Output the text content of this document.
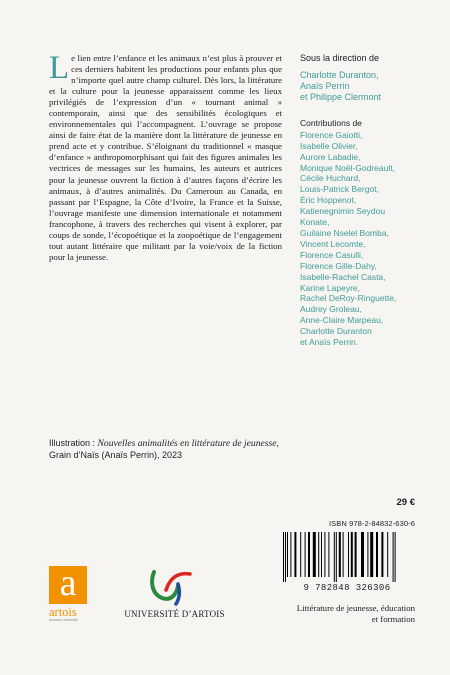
Le lien entre l’enfance et les animaux n’est plus à prouver et ces derniers habitent les productions pour enfants plus que n’importe quel autre champ culturel. Dès lors, la littérature et la culture pour la jeunesse apparaissent comme les lieux privilégiés de l’expression d’un « tournant animal » contemporain, ainsi que des sensibilités écologiques et environnementales qui l’accompagnent. L’ouvrage se propose ainsi de faire état de la manière dont la littérature de jeunesse en prend acte et y contribue. S’éloignant du traditionnel « masque d’enfance » anthropomorphisant qui fait des figures animales les vectrices de messages sur les humains, les auteurs et autrices pour la jeunesse ouvrent la fiction à d’autres façons d’écrire les animaux, à d’autres animalités. Du Cameroun au Canada, en passant par l’Espagne, la Côte d’Ivoire, la France et la Suisse, l’ouvrage manifeste une dimension internationale et notamment francophone, à travers des recherches qui visent à explorer, par coups de sonde, l’écopoétique et la zoopoétique de l’engagement tout autant littéraire que militant par la voie/voix de la fiction pour la jeunesse.
Sous la direction de
Charlotte Duranton,
Anaïs Perrin
et Philippe Clermont
Contributions de
Florence Gaiotti,
Isabelle Olivier,
Aurore Labadie,
Monique Noël-Godreault,
Cécile Huchard,
Louis-Patrick Bergot,
Éric Hoppenot,
Katienegnimin Seydou
Konate,
Guilaine Nselel Bomba,
Vincent Lecomte,
Florence Casulli,
Florence Gille-Dahy,
Isabelle-Rachel Casta,
Karine Lapeyre,
Rachel DeRoy-Ringuette,
Audrey Groleau,
Anne-Claire Marpeau,
Charlotte Duranton
et Anaïs Perrin.
Illustration : Nouvelles animalités en littérature de jeunesse,
Grain d’Naïs (Anaïs Perrin), 2023
29 €
ISBN 978-2-84832-630-6
9 782848 326306
Littérature de jeunesse, éducation
et formation
a
artois
presses université
UNIVERSITÉ D’ARTOIS
